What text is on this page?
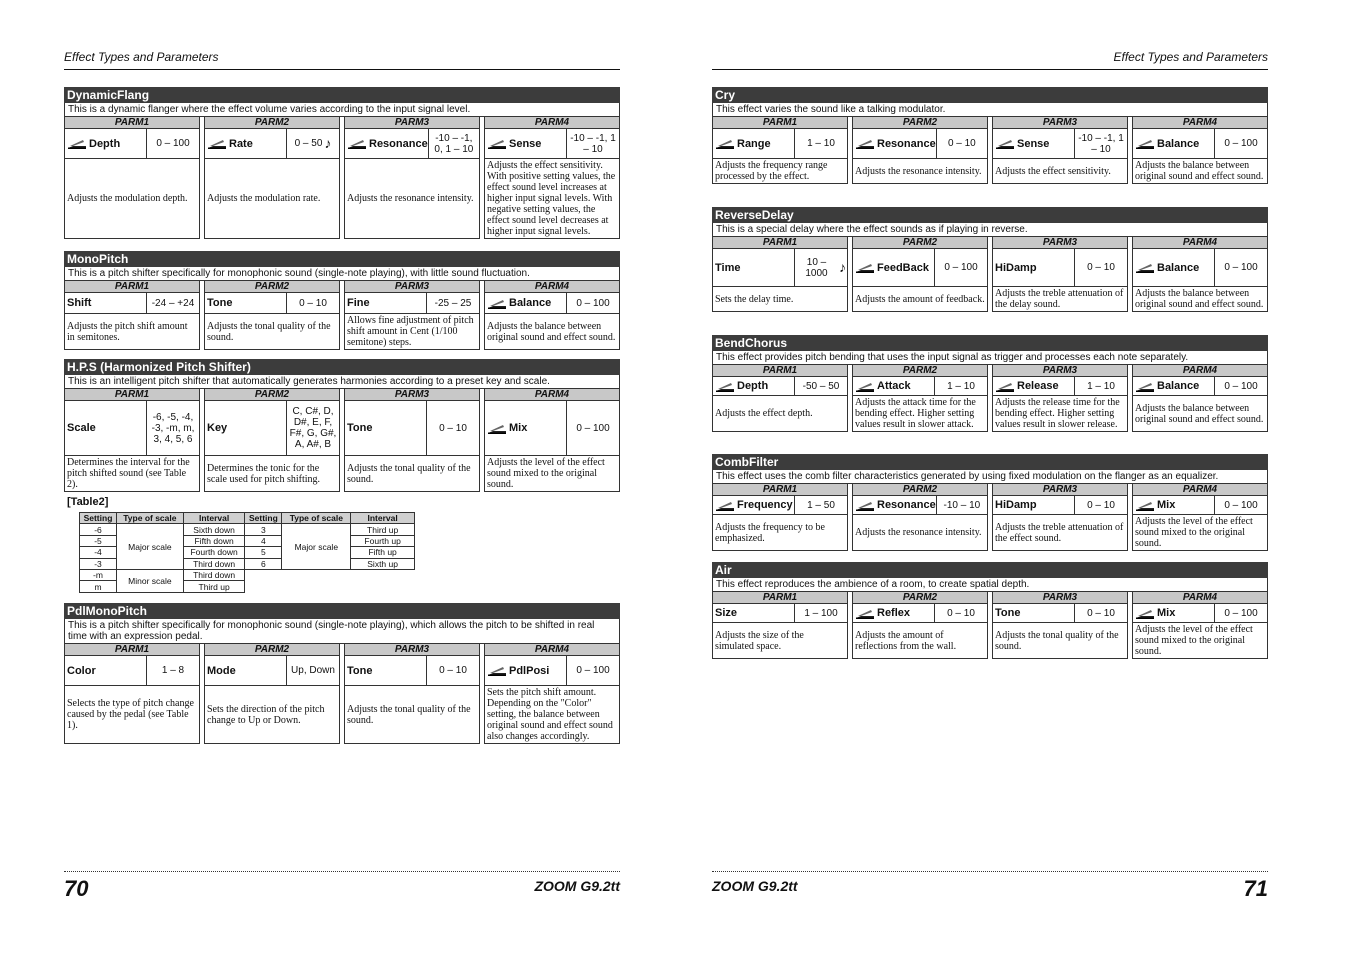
Effect Types and Parameters
DynamicFlang
This is a dynamic flanger where the effect volume varies according to the input signal level.
PARM1
Depth	0 – 100
Adjusts the modulation depth.
PARM2
Rate	0 – 50 ♪
Adjusts the modulation rate.
PARM3
Resonance -10 – -1, 0, 1 – 10
Adjusts the resonance intensity.
PARM4
Sense	-10 – -1, 1 – 10
Adjusts the effect sensitivity. With positive setting values, the effect sound level increases at higher input signal levels. With negative setting values, the effect sound level decreases at higher input signal levels.
MonoPitch
This is a pitch shifter specifically for monophonic sound (single-note playing), with little sound fluctuation.
PARM1
Shift	-24 – +24
Adjusts the pitch shift amount in semitones.
PARM2
Tone	0 – 10
Adjusts the tonal quality of the sound.
PARM3
Fine	-25 – 25
Allows fine adjustment of pitch shift amount in Cent (1/100 semitone) steps.
PARM4
Balance	0 – 100
Adjusts the balance between original sound and effect sound.
H.P.S (Harmonized Pitch Shifter)
This is an intelligent pitch shifter that automatically generates harmonies according to a preset key and scale.
PARM1
Scale
-6, -5, -4, -3, -m, m, 3, 4, 5, 6
Determines the interval for the pitch shifted sound (see Table 2).
PARM2
Key
C, C#, D, D#, E, F, F#, G, G#, A, A#, B
Determines the tonic for the scale used for pitch shifting.
PARM3
Tone	0 – 10
Adjusts the tonal quality of the sound.
PARM4
Mix	0 – 100
Adjusts the level of the effect sound mixed to the original sound.
[Table2]
Setting	Type of scale	Interval	Setting	Type of scale	Interval
-6	Major scale	Sixth down	3	Major scale	Third up
-5		Fifth down	4		Fourth up
-4		Fourth down	5		Fifth up
-3		Third down	6		Sixth up
-m	Minor scale	Third down			
m		Third up			
PdlMonoPitch
This is a pitch shifter specifically for monophonic sound (single-note playing), which allows the pitch to be shifted in real time with an expression pedal.
PARM1
Color	1 – 8
Selects the type of pitch change caused by the pedal (see Table 1).
PARM2
Mode	Up, Down
Sets the direction of the pitch change to Up or Down.
PARM3
Tone	0 – 10
Adjusts the tonal quality of the sound.
PARM4
PdlPosi	0 – 100
Sets the pitch shift amount. Depending on the "Color" setting, the balance between original sound and effect sound also changes accordingly.
70	ZOOM G9.2tt
Effect Types and Parameters
Cry
This effect varies the sound like a talking modulator.
PARM1
Range	1 – 10
Adjusts the frequency range processed by the effect.
PARM2
Resonance 0 – 10
Adjusts the resonance intensity.
PARM3
Sense	-10 – -1, 1 – 10
Adjusts the effect sensitivity.
PARM4
Balance	0 – 100
Adjusts the balance between original sound and effect sound.
ReverseDelay
This is a special delay where the effect sounds as if playing in reverse.
PARM1
Time	10 – 1000 ♪
Sets the delay time.
PARM2
FeedBack 0 – 100
Adjusts the amount of feedback.
PARM3
HiDamp	0 – 10
Adjusts the treble attenuation of the delay sound.
PARM4
Balance	0 – 100
Adjusts the balance between original sound and effect sound.
BendChorus
This effect provides pitch bending that uses the input signal as trigger and processes each note separately.
PARM1
Depth	-50 – 50
Adjusts the effect depth.
PARM2
Attack	1 – 10
Adjusts the attack time for the bending effect. Higher setting values result in slower attack.
PARM3
Release	1 – 10
Adjusts the release time for the bending effect. Higher setting values result in slower release.
PARM4
Balance	0 – 100
Adjusts the balance between original sound and effect sound.
CombFilter
This effect uses the comb filter characteristics generated by using fixed modulation on the flanger as an equalizer.
PARM1
Frequency 1 – 50
Adjusts the frequency to be emphasized.
PARM2
Resonance -10 – 10
Adjusts the resonance intensity.
PARM3
HiDamp	0 – 10
Adjusts the treble attenuation of the effect sound.
PARM4
Mix	0 – 100
Adjusts the level of the effect sound mixed to the original sound.
Air
This effect reproduces the ambience of a room, to create spatial depth.
PARM1
Size	1 – 100
Adjusts the size of the simulated space.
PARM2
Reflex	0 – 10
Adjusts the amount of reflections from the wall.
PARM3
Tone	0 – 10
Adjusts the tonal quality of the sound.
PARM4
Mix	0 – 100
Adjusts the level of the effect sound mixed to the original sound.
ZOOM G9.2tt	71
